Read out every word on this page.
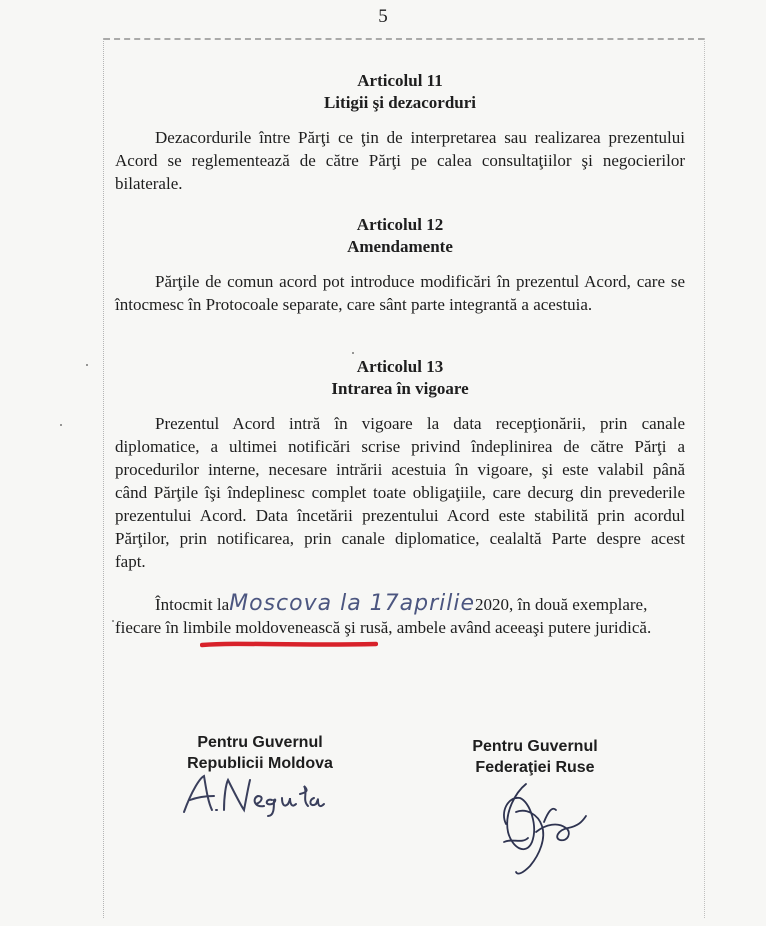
5
Articolul 11
Litigii şi dezacorduri

Dezacordurile între Părţi ce ţin de interpretarea sau realizarea prezentului
Acord se reglementează de către Părţi pe calea consultaţiilor şi negocierilor
bilaterale.

Articolul 12
Amendamente

Părţile de comun acord pot introduce modificări în prezentul Acord, care se
întocmesc în Protocoale separate, care sânt parte integrantă a acestuia.

Articolul 13
Intrarea în vigoare

Prezentul Acord intră în vigoare la data recepţionării, prin canale
diplomatice, a ultimei notificări scrise privind îndeplinirea de către Părţi a
procedurilor interne, necesare intrării acestuia în vigoare, şi este valabil până
când Părţile îşi îndeplinesc complet toate obligaţiile, care decurg din prevederile
prezentului Acord. Data încetării prezentului Acord este stabilită prin acordul
Părţilor, prin notificarea, prin canale diplomatice, cealaltă Parte despre acest
fapt.

Întocmit laMoscova la 17aprilie2020, în două exemplare,
fiecare în limbile moldovenească şi rusă, ambele având aceeaşi putere juridică.

Pentru Guvernul
Republicii Moldova
Pentru Guvernul
Federaţiei Ruse
